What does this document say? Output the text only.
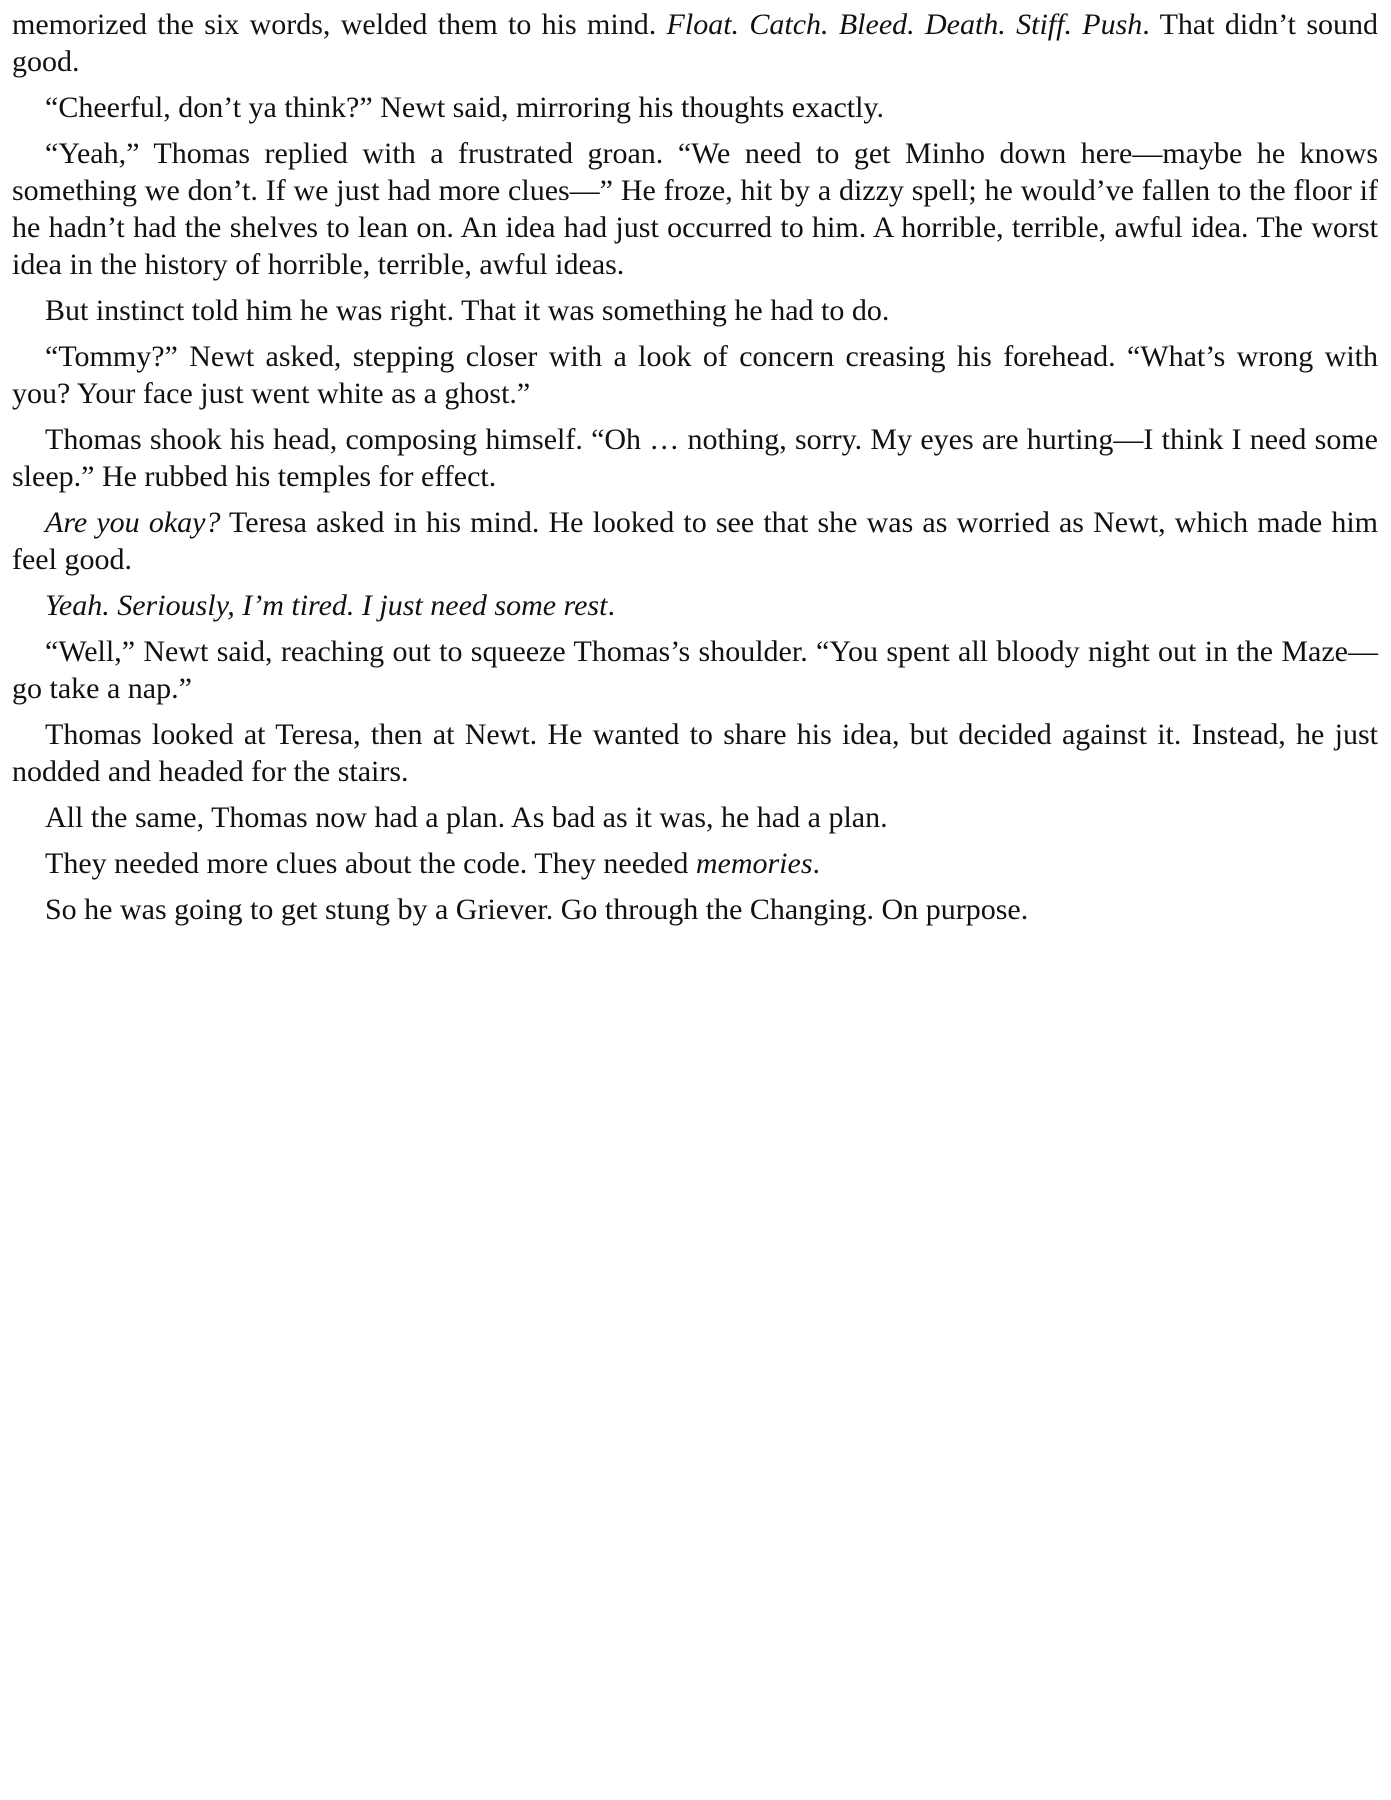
memorized the six words, welded them to his mind. Float. Catch. Bleed. Death. Stiff. Push. That didn’t sound good.

“Cheerful, don’t ya think?” Newt said, mirroring his thoughts exactly.

“Yeah,” Thomas replied with a frustrated groan. “We need to get Minho down here—maybe he knows something we don’t. If we just had more clues—” He froze, hit by a dizzy spell; he would’ve fallen to the floor if he hadn’t had the shelves to lean on. An idea had just occurred to him. A horrible, terrible, awful idea. The worst idea in the history of horrible, terrible, awful ideas.

But instinct told him he was right. That it was something he had to do.

“Tommy?” Newt asked, stepping closer with a look of concern creasing his forehead. “What’s wrong with you? Your face just went white as a ghost.”

Thomas shook his head, composing himself. “Oh … nothing, sorry. My eyes are hurting—I think I need some sleep.” He rubbed his temples for effect.

Are you okay? Teresa asked in his mind. He looked to see that she was as worried as Newt, which made him feel good.

Yeah. Seriously, I’m tired. I just need some rest.

“Well,” Newt said, reaching out to squeeze Thomas’s shoulder. “You spent all bloody night out in the Maze—go take a nap.”

Thomas looked at Teresa, then at Newt. He wanted to share his idea, but decided against it. Instead, he just nodded and headed for the stairs.

All the same, Thomas now had a plan. As bad as it was, he had a plan.

They needed more clues about the code. They needed memories.

So he was going to get stung by a Griever. Go through the Changing. On purpose.
